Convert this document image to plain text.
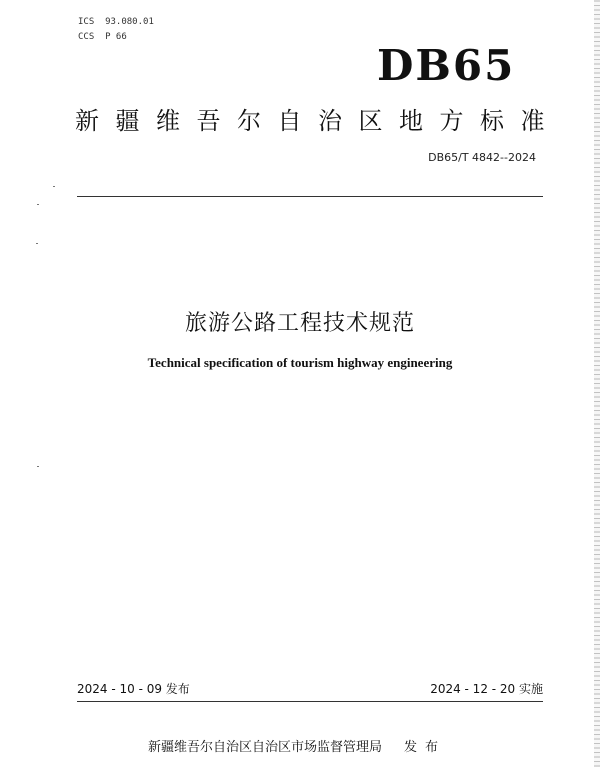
ICS  93.080.01
CCS  P 66
DB65
新疆维吾尔自治区地方标准
DB65/T 4842--2024
旅游公路工程技术规范
Technical specification of tourism highway engineering
2024 - 10 - 09 发布	2024 - 12 - 20 实施
新疆维吾尔自治区自治区市场监督管理局 发布
